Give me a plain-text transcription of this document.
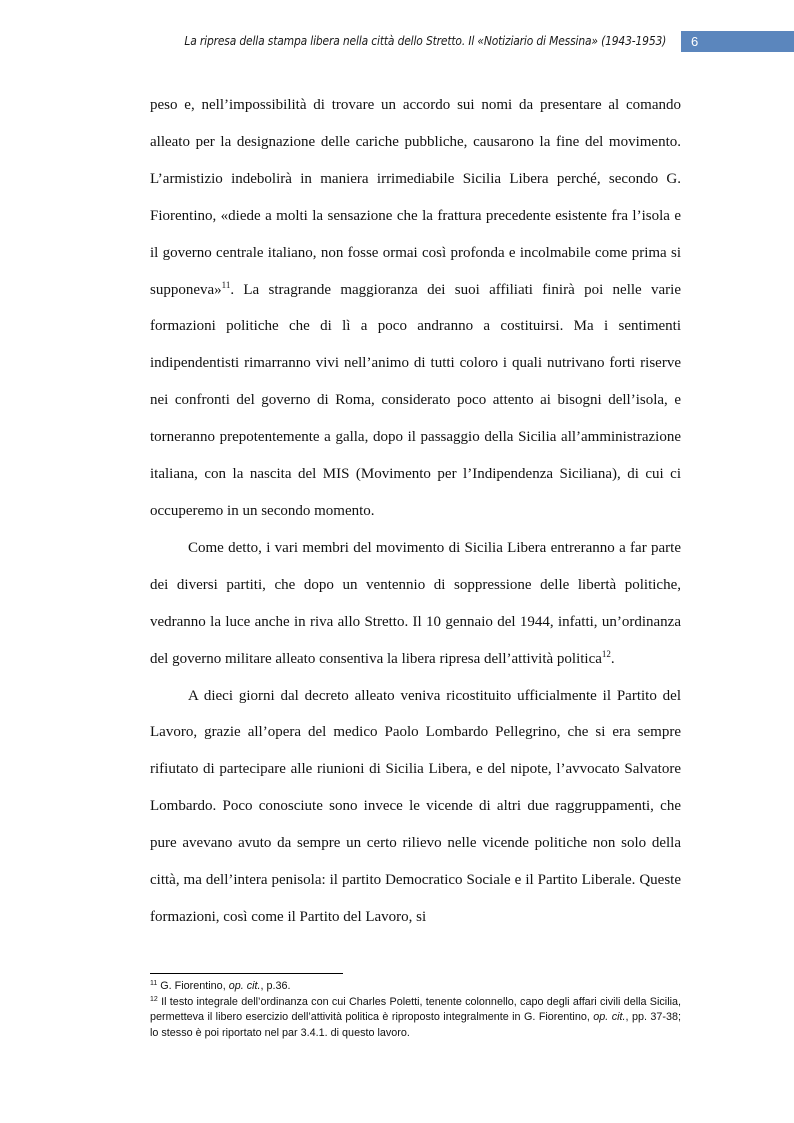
La ripresa della stampa libera nella città dello Stretto. Il «Notiziario di Messina» (1943-1953)	6

peso e, nell’impossibilità di trovare un accordo sui nomi da presentare al comando alleato per la designazione delle cariche pubbliche, causarono la fine del movimento. L’armistizio indebolirà in maniera irrimediabile Sicilia Libera perché, secondo G. Fiorentino, «diede a molti la sensazione che la frattura precedente esistente fra l’isola e il governo centrale italiano, non fosse ormai così profonda e incolmabile come prima si supponeva»$^{11}$. La stragrande maggioranza dei suoi affiliati finirà poi nelle varie formazioni politiche che di lì a poco andranno a costituirsi. Ma i sentimenti indipendentisti rimarranno vivi nell’animo di tutti coloro i quali nutrivano forti riserve nei confronti del governo di Roma, considerato poco attento ai bisogni dell’isola, e torneranno prepotentemente a galla, dopo il passaggio della Sicilia all’amministrazione italiana, con la nascita del MIS (Movimento per l’Indipendenza Siciliana), di cui ci occuperemo in un secondo momento.

Come detto, i vari membri del movimento di Sicilia Libera entreranno a far parte dei diversi partiti, che dopo un ventennio di soppressione delle libertà politiche, vedranno la luce anche in riva allo Stretto. Il 10 gennaio del 1944, infatti, un’ordinanza del governo militare alleato consentiva la libera ripresa dell’attività politica$^{12}$.

A dieci giorni dal decreto alleato veniva ricostituito ufficialmente il Partito del Lavoro, grazie all’opera del medico Paolo Lombardo Pellegrino, che si era sempre rifiutato di partecipare alle riunioni di Sicilia Libera, e del nipote, l’avvocato Salvatore Lombardo. Poco conosciute sono invece le vicende di altri due raggruppamenti, che pure avevano avuto da sempre un certo rilievo nelle vicende politiche non solo della città, ma dell’intera penisola: il partito Democratico Sociale e il Partito Liberale. Queste formazioni, così come il Partito del Lavoro, si

$^{11}$ G. Fiorentino, op. cit., p.36.

$^{12}$ Il testo integrale dell’ordinanza con cui Charles Poletti, tenente colonnello, capo degli affari civili della Sicilia, permetteva il libero esercizio dell’attività politica è riproposto integralmente in G. Fiorentino, op. cit., pp. 37-38; lo stesso è poi riportato nel par 3.4.1. di questo lavoro.
